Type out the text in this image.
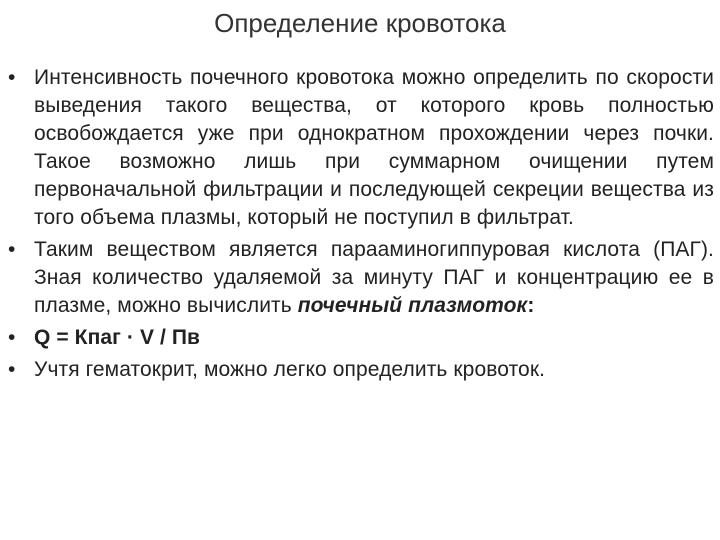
Определение кровотока
• Интенсивность почечного кровотока можно определить по скорости выведения такого вещества, от которого кровь полностью освобождается уже при однократном прохождении через почки. Такое возможно лишь при суммарном очищении путем первоначальной фильтрации и последующей секреции вещества из того объема плазмы, который не поступил в фильтрат.
• Таким веществом является парааминогиппуровая кислота (ПАГ). Зная количество удаляемой за минуту ПАГ и концентрацию ее в плазме, можно вычислить почечный плазмоток:
• Q = Кпаг · V / Пв
• Учтя гематокрит, можно легко определить кровоток.
